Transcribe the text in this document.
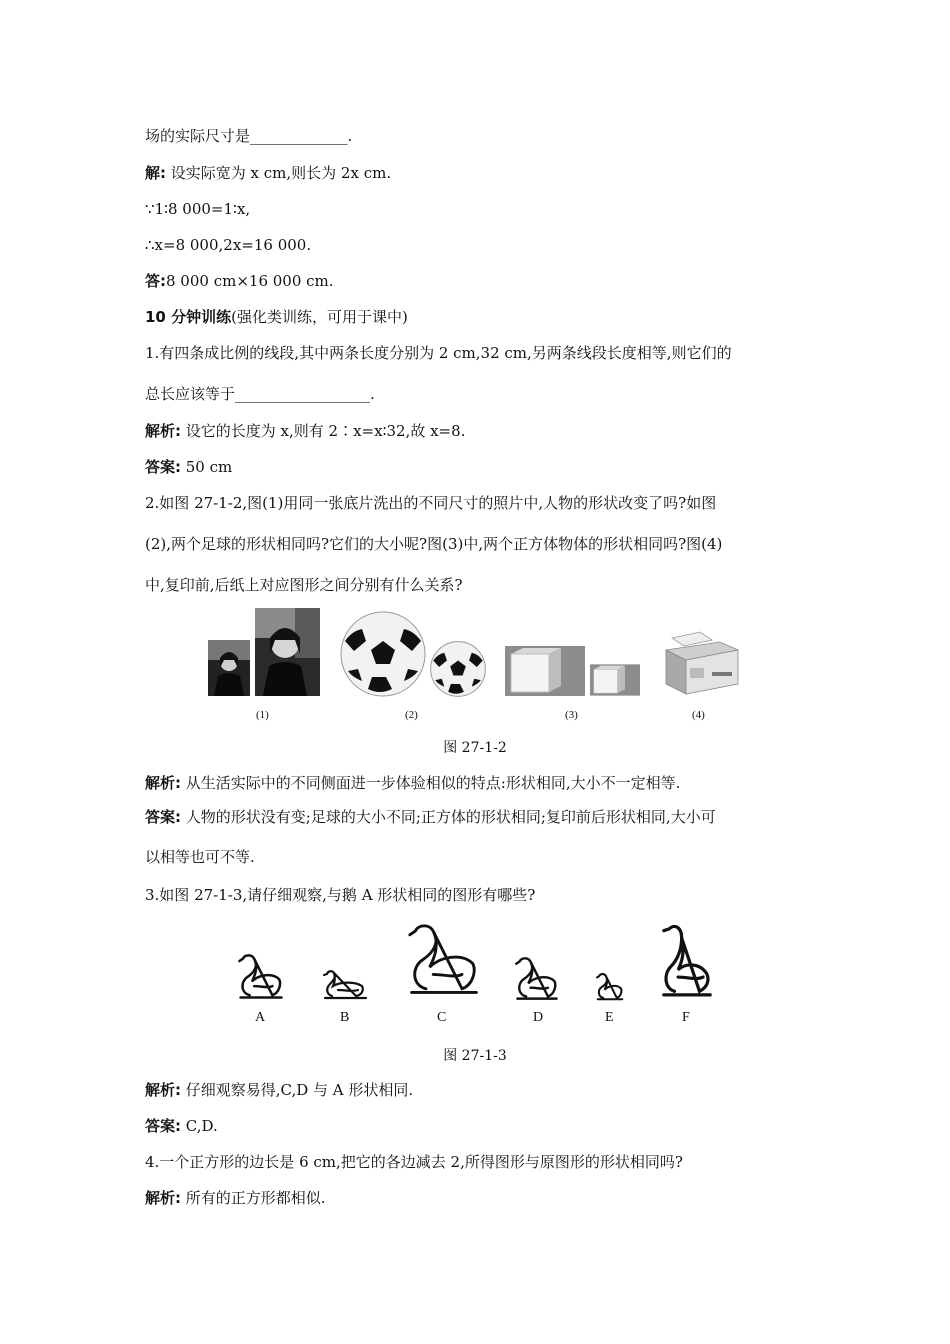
场的实际尺寸是_____________.
解: 设实际宽为 x cm,则长为 2x cm.
∵1∶8 000=1∶x,
∴x=8 000,2x=16 000.
答:8 000 cm×16 000 cm.
10 分钟训练(强化类训练，可用于课中)
1.有四条成比例的线段,其中两条长度分别为 2 cm,32 cm,另两条线段长度相等,则它们的
总长应该等于__________________.
解析: 设它的长度为 x,则有 2∶x=x∶32,故 x=8.
答案: 50 cm
2.如图 27-1-2,图(1)用同一张底片洗出的不同尺寸的照片中,人物的形状改变了吗?如图
(2),两个足球的形状相同吗?它们的大小呢?图(3)中,两个正方体物体的形状相同吗?图(4)
中,复印前,后纸上对应图形之间分别有什么关系?
(1)	(2)	(3)	(4)
图 27-1-2
解析: 从生活实际中的不同侧面进一步体验相似的特点:形状相同,大小不一定相等.
答案: 人物的形状没有变;足球的大小不同;正方体的形状相同;复印前后形状相同,大小可
以相等也可不等.
3.如图 27-1-3,请仔细观察,与鹅 A 形状相同的图形有哪些?
A	B	C	D	E	F
图 27-1-3
解析: 仔细观察易得,C,D 与 A 形状相同.
答案: C,D.
4.一个正方形的边长是 6 cm,把它的各边减去 2,所得图形与原图形的形状相同吗?
解析: 所有的正方形都相似.
